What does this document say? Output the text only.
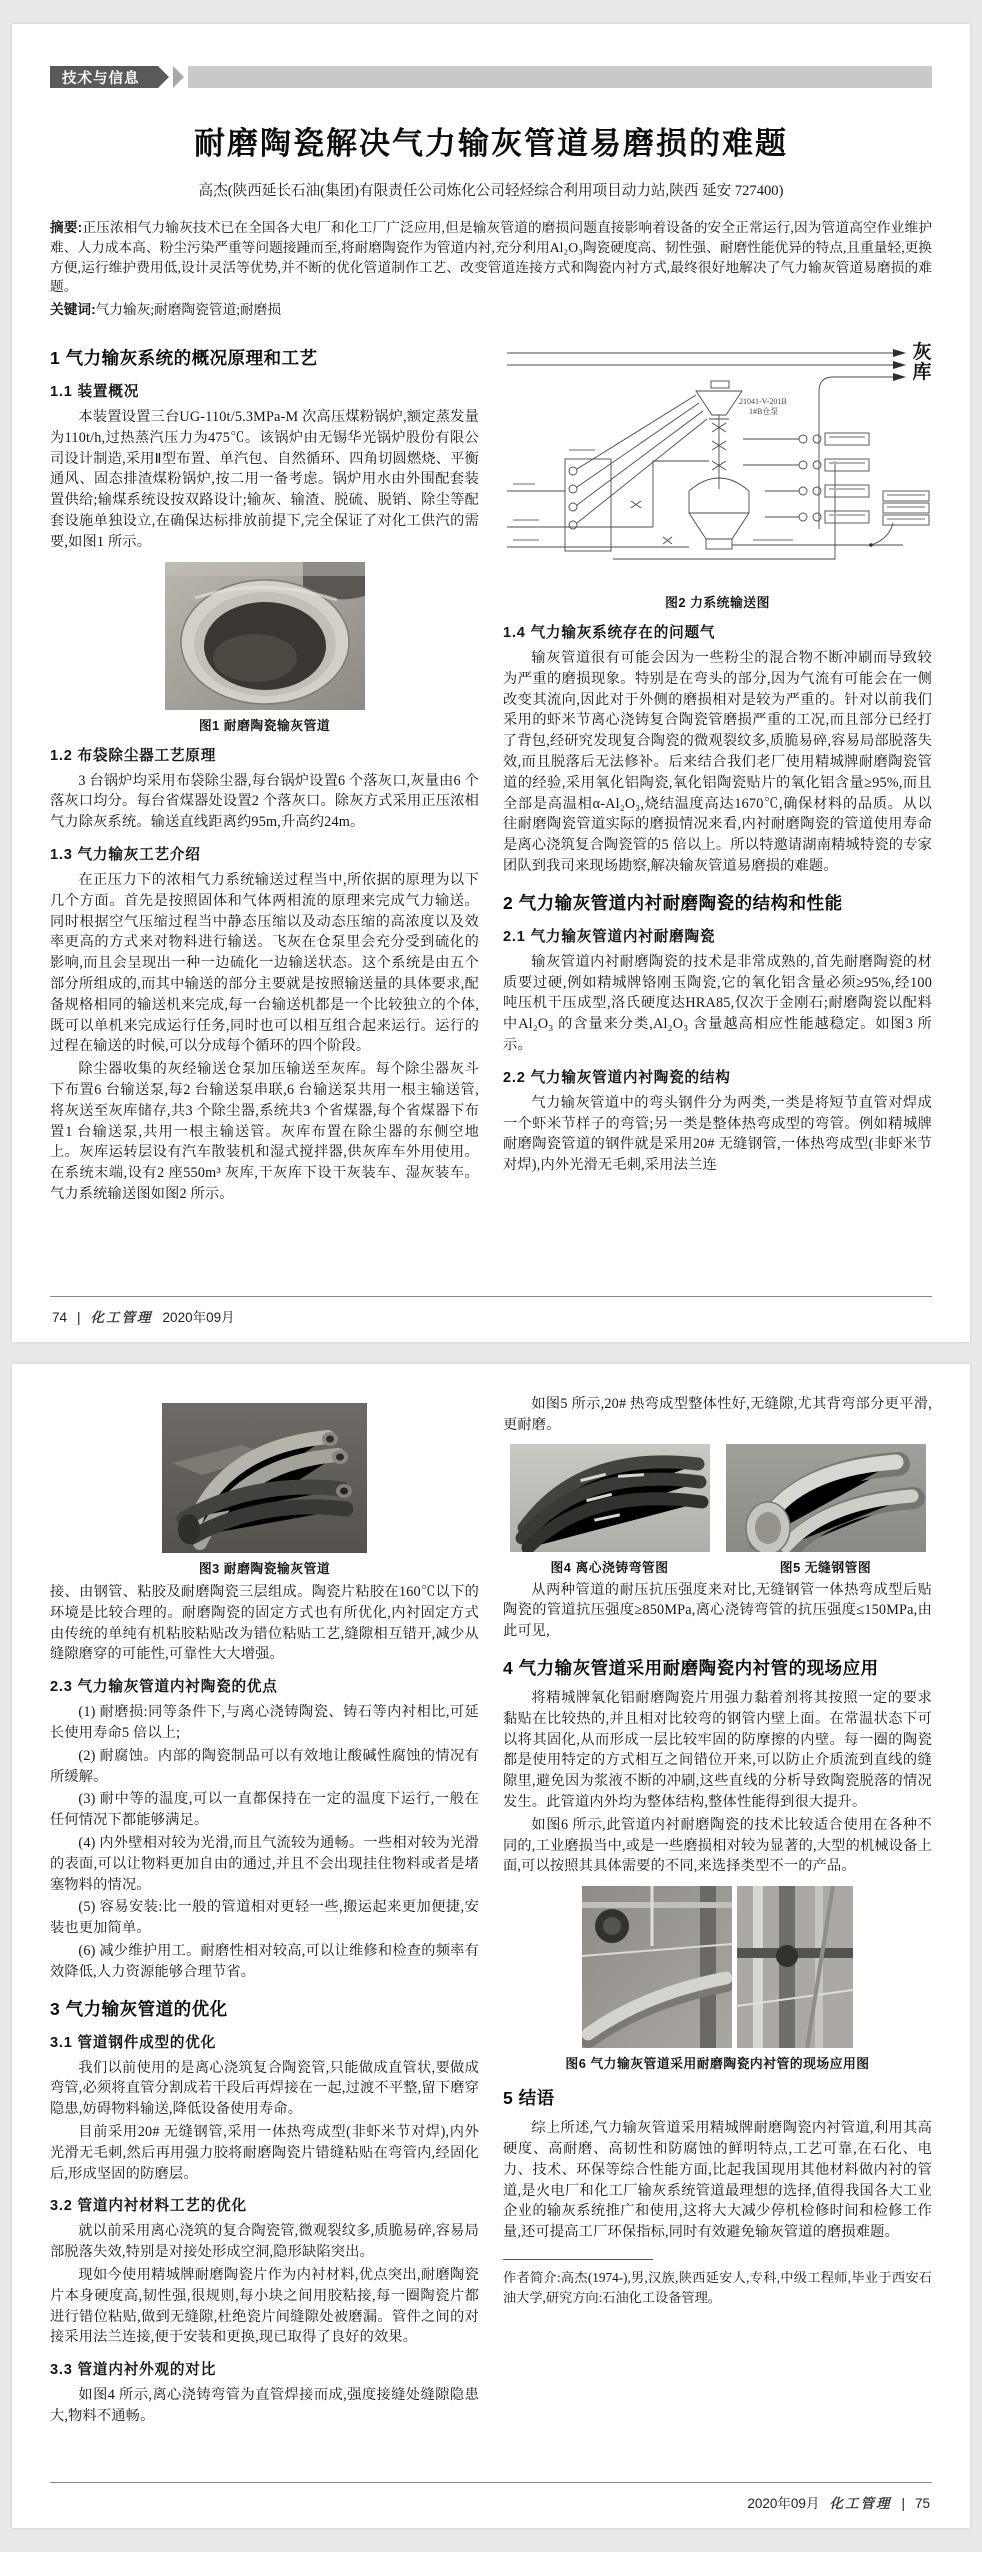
技术与信息
耐磨陶瓷解决气力输灰管道易磨损的难题
高杰(陕西延长石油(集团)有限责任公司炼化公司轻烃综合利用项目动力站,陕西 延安 727400)

摘要:正压浓相气力输灰技术已在全国各大电厂和化工厂广泛应用,但是输灰管道的磨损问题直接影响着设备的安全正常运行,因为管道高空作业维护难、人力成本高、粉尘污染严重等问题接踵而至,将耐磨陶瓷作为管道内衬,充分利用Al₂O₃陶瓷硬度高、韧性强、耐磨性能优异的特点,且重量轻,更换方便,运行维护费用低,设计灵活等优势,并不断的优化管道制作工艺、改变管道连接方式和陶瓷内衬方式,最终很好地解决了气力输灰管道易磨损的难题。

关键词:气力输灰;耐磨陶瓷管道;耐磨损

1 气力输灰系统的概况原理和工艺
1.1 装置概况

本装置设置三台UG-110t/5.3MPa-M 次高压煤粉锅炉,额定蒸发量为110t/h,过热蒸汽压力为475℃。该锅炉由无锡华光锅炉股份有限公司设计制造,采用Ⅱ型布置、单汽包、自然循环、四角切圆燃烧、平衡通风、固态排渣煤粉锅炉,按二用一备考虑。锅炉用水由外围配套装置供给;输煤系统设按双路设计;输灰、输渣、脱硫、脱销、除尘等配套设施单独设立,在确保达标排放前提下,完全保证了对化工供汽的需要,如图1 所示。

图1 耐磨陶瓷输灰管道
1.2 布袋除尘器工艺原理

3 台锅炉均采用布袋除尘器,每台锅炉设置6 个落灰口,灰量由6 个落灰口均分。每台省煤器处设置2 个落灰口。除灰方式采用正压浓相气力除灰系统。输送直线距离约95m,升高约24m。

1.3 气力输灰工艺介绍

在正压力下的浓相气力系统输送过程当中,所依据的原理为以下几个方面。首先是按照固体和气体两相流的原理来完成气力输送。同时根据空气压缩过程当中静态压缩以及动态压缩的高浓度以及效率更高的方式来对物料进行输送。飞灰在仓泵里会充分受到硫化的影响,而且会呈现出一种一边硫化一边输送状态。这个系统是由五个部分所组成的,而其中输送的部分主要就是按照输送量的具体要求,配备规格相同的输送机来完成,每一台输送机都是一个比较独立的个体,既可以单机来完成运行任务,同时也可以相互组合起来运行。运行的过程在输送的时候,可以分成每个循环的四个阶段。

除尘器收集的灰经输送仓泵加压输送至灰库。每个除尘器灰斗下布置6 台输送泵,每2 台输送泵串联,6 台输送泵共用一根主输送管,将灰送至灰库储存,共3 个除尘器,系统共3 个省煤器,每个省煤器下布置1 台输送泵,共用一根主输送管。灰库布置在除尘器的东侧空地上。灰库运转层设有汽车散装机和湿式搅拌器,供灰库车外用使用。在系统末端,设有2 座550m³ 灰库,干灰库下设干灰装车、湿灰装车。气力系统输送图如图2 所示。

灰库
21041-V-201B
1#B仓泵
图2 力系统输送图
1.4 气力输灰系统存在的问题气

输灰管道很有可能会因为一些粉尘的混合物不断冲刷而导致较为严重的磨损现象。特别是在弯头的部分,因为气流有可能会在一侧改变其流向,因此对于外侧的磨损相对是较为严重的。针对以前我们采用的虾米节离心浇铸复合陶瓷管磨损严重的工况,而且部分已经打了背包,经研究发现复合陶瓷的微观裂纹多,质脆易碎,容易局部脱落失效,而且脱落后无法修补。后来结合我们老厂使用精城牌耐磨陶瓷管道的经验,采用氧化铝陶瓷,氧化铝陶瓷贴片的氧化铝含量≥95%,而且全部是高温相α-Al₂O₃,烧结温度高达1670℃,确保材料的品质。从以往耐磨陶瓷管道实际的磨损情况来看,内衬耐磨陶瓷的管道使用寿命是离心浇筑复合陶瓷管的5 倍以上。所以特邀请湖南精城特瓷的专家团队到我司来现场勘察,解决输灰管道易磨损的难题。

2 气力输灰管道内衬耐磨陶瓷的结构和性能
2.1 气力输灰管道内衬耐磨陶瓷

输灰管道内衬耐磨陶瓷的技术是非常成熟的,首先耐磨陶瓷的材质要过硬,例如精城牌铬刚玉陶瓷,它的氧化铝含量必须≥95%,经100 吨压机干压成型,洛氏硬度达HRA85,仅次于金刚石;耐磨陶瓷以配料中Al₂O₃ 的含量来分类,Al₂O₃ 含量越高相应性能越稳定。如图3 所示。

2.2 气力输灰管道内衬陶瓷的结构

气力输灰管道中的弯头钢件分为两类,一类是将短节直管对焊成一个虾米节样子的弯管;另一类是整体热弯成型的弯管。例如精城牌耐磨陶瓷管道的钢件就是采用20# 无缝钢管,一体热弯成型(非虾米节对焊),内外光滑无毛刺,采用法兰连

74 | 化工管理 2020年09月
图3 耐磨陶瓷输灰管道

接、由钢管、粘胶及耐磨陶瓷三层组成。陶瓷片粘胶在160℃以下的环境是比较合理的。耐磨陶瓷的固定方式也有所优化,内衬固定方式由传统的单纯有机粘胶粘贴改为错位粘贴工艺,缝隙相互错开,减少从缝隙磨穿的可能性,可靠性大大增强。

2.3 气力输灰管道内衬陶瓷的优点

(1) 耐磨损:同等条件下,与离心浇铸陶瓷、铸石等内衬相比,可延长使用寿命5 倍以上;

(2) 耐腐蚀。内部的陶瓷制品可以有效地让酸碱性腐蚀的情况有所缓解。

(3) 耐中等的温度,可以一直都保持在一定的温度下运行,一般在任何情况下都能够满足。

(4) 内外壁相对较为光滑,而且气流较为通畅。一些相对较为光滑的表面,可以让物料更加自由的通过,并且不会出现挂住物料或者是堵塞物料的情况。

(5) 容易安装:比一般的管道相对更轻一些,搬运起来更加便捷,安装也更加简单。

(6) 减少维护用工。耐磨性相对较高,可以让维修和检查的频率有效降低,人力资源能够合理节省。

3 气力输灰管道的优化
3.1 管道钢件成型的优化

我们以前使用的是离心浇筑复合陶瓷管,只能做成直管状,要做成弯管,必须将直管分割成若干段后再焊接在一起,过渡不平整,留下磨穿隐患,妨碍物料输送,降低设备使用寿命。

目前采用20# 无缝钢管,采用一体热弯成型(非虾米节对焊),内外光滑无毛刺,然后再用强力胶将耐磨陶瓷片错缝粘贴在弯管内,经固化后,形成坚固的防磨层。

3.2 管道内衬材料工艺的优化

就以前采用离心浇筑的复合陶瓷管,微观裂纹多,质脆易碎,容易局部脱落失效,特别是对接处形成空洞,隐形缺陷突出。

现如今使用精城牌耐磨陶瓷片作为内衬材料,优点突出,耐磨陶瓷片本身硬度高,韧性强,很规则,每小块之间用胶粘接,每一圈陶瓷片都进行错位粘贴,做到无缝隙,杜绝瓷片间缝隙处被磨漏。管件之间的对接采用法兰连接,便于安装和更换,现已取得了良好的效果。

3.3 管道内衬外观的对比

如图4 所示,离心浇铸弯管为直管焊接而成,强度接缝处缝隙隐患大,物料不通畅。

如图5 所示,20# 热弯成型整体性好,无缝隙,尤其背弯部分更平滑,更耐磨。

图4 离心浇铸弯管图	图5 无缝钢管图

从两种管道的耐压抗压强度来对比,无缝钢管一体热弯成型后贴陶瓷的管道抗压强度≥850MPa,离心浇铸弯管的抗压强度≤150MPa,由此可见,

4 气力输灰管道采用耐磨陶瓷内衬管的现场应用

将精城牌氧化铝耐磨陶瓷片用强力黏着剂将其按照一定的要求黏贴在比较热的,并且相对比较弯的钢管内壁上面。在常温状态下可以将其固化,从而形成一层比较牢固的防摩擦的内壁。每一圈的陶瓷都是使用特定的方式相互之间错位开来,可以防止介质流到直线的缝隙里,避免因为浆液不断的冲刷,这些直线的分析导致陶瓷脱落的情况发生。此管道内外均为整体结构,整体性能得到很大提升。

如图6 所示,此管道内衬耐磨陶瓷的技术比较适合使用在各种不同的,工业磨损当中,或是一些磨损相对较为显著的,大型的机械设备上面,可以按照其具体需要的不同,来选择类型不一的产品。

图6 气力输灰管道采用耐磨陶瓷内衬管的现场应用图
5 结语

综上所述,气力输灰管道采用精城牌耐磨陶瓷内衬管道,利用其高硬度、高耐磨、高韧性和防腐蚀的鲜明特点,工艺可靠,在石化、电力、技术、环保等综合性能方面,比起我国现用其他材料做内衬的管道,是火电厂和化工厂输灰系统管道最理想的选择,值得我国各大工业企业的输灰系统推广和使用,这将大大减少停机检修时间和检修工作量,还可提高工厂环保指标,同时有效避免输灰管道的磨损难题。

作者简介:高杰(1974-),男,汉族,陕西延安人,专科,中级工程师,毕业于西安石油大学,研究方向:石油化工设备管理。
2020年09月 化工管理 | 75
